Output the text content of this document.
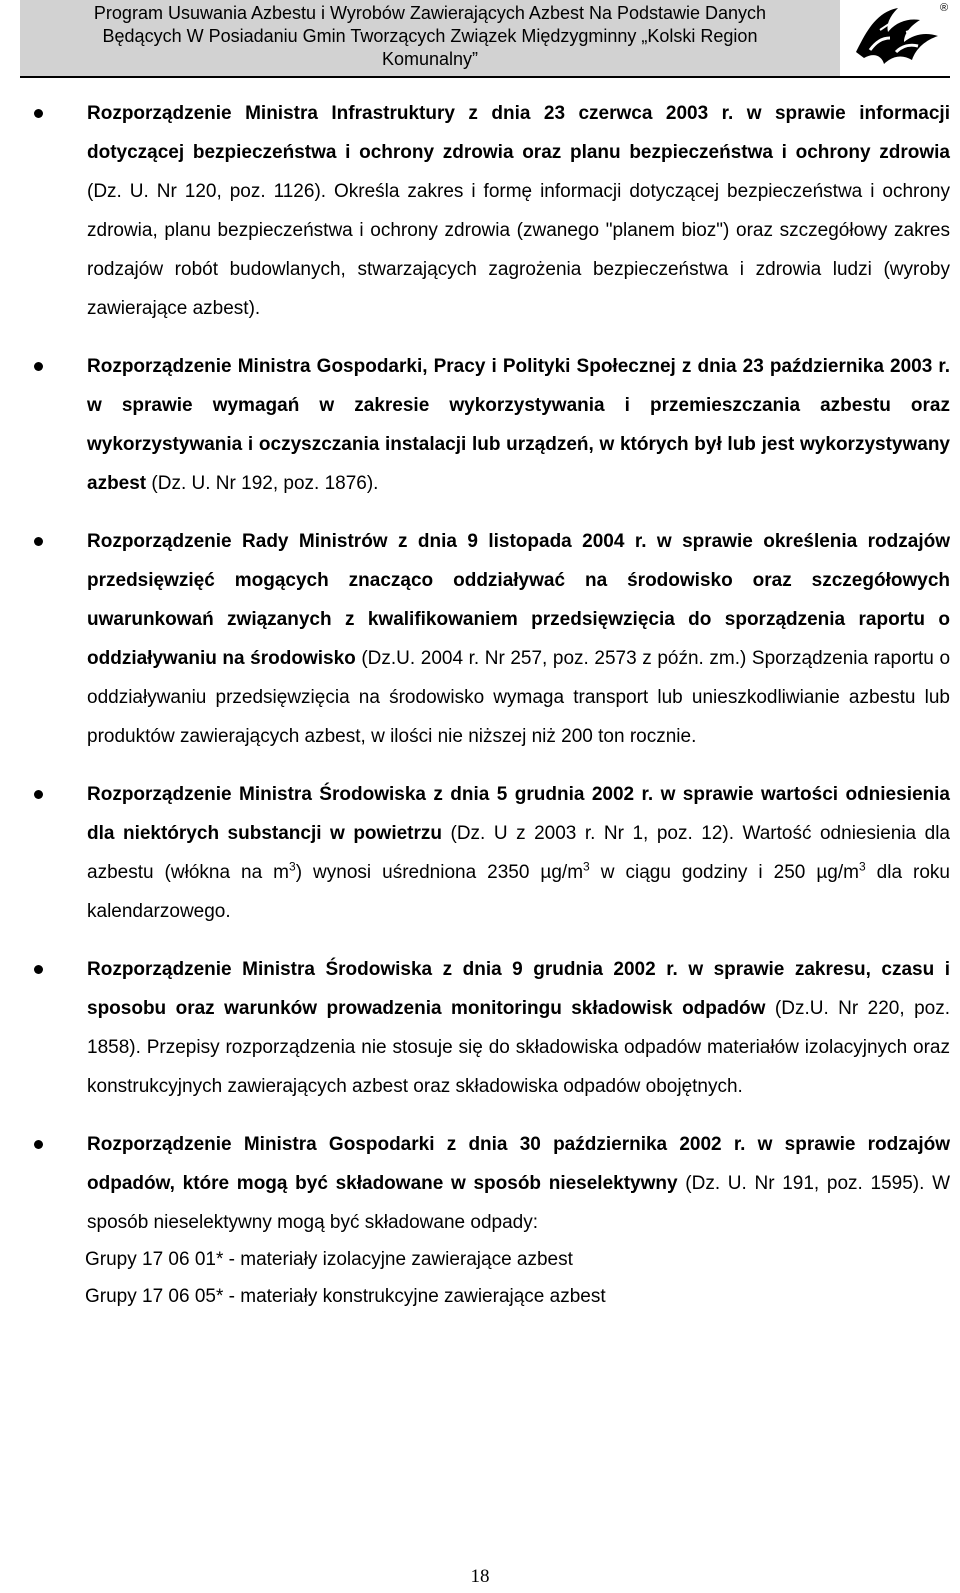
Program Usuwania Azbestu i Wyrobów Zawierających Azbest Na Podstawie Danych
Będących W Posiadaniu Gmin Tworzących Związek Międzygminny „Kolski Region
Komunalny”
®
Rozporządzenie Ministra Infrastruktury z dnia 23 czerwca 2003 r. w sprawie informacji dotyczącej bezpieczeństwa i ochrony zdrowia oraz planu bezpieczeństwa i ochrony zdrowia (Dz. U. Nr 120, poz. 1126). Określa zakres i formę informacji dotyczącej bezpieczeństwa i ochrony zdrowia, planu bezpieczeństwa i ochrony zdrowia (zwanego "planem bioz") oraz szczegółowy zakres rodzajów robót budowlanych, stwarzających zagrożenia bezpieczeństwa i zdrowia ludzi (wyroby zawierające azbest).
Rozporządzenie Ministra Gospodarki, Pracy i Polityki Społecznej z dnia 23 października 2003 r. w sprawie wymagań w zakresie wykorzystywania i przemieszczania azbestu oraz wykorzystywania i oczyszczania instalacji lub urządzeń, w których był lub jest wykorzystywany azbest (Dz. U. Nr 192, poz. 1876).
Rozporządzenie Rady Ministrów z dnia 9 listopada 2004 r. w sprawie określenia rodzajów przedsięwzięć mogących znacząco oddziaływać na środowisko oraz szczegółowych uwarunkowań związanych z kwalifikowaniem przedsięwzięcia do sporządzenia raportu o oddziaływaniu na środowisko (Dz.U. 2004 r. Nr 257, poz. 2573 z późn. zm.) Sporządzenia raportu o oddziaływaniu przedsięwzięcia na środowisko wymaga transport lub unieszkodliwianie azbestu lub produktów zawierających azbest, w ilości nie niższej niż 200 ton rocznie.
Rozporządzenie Ministra Środowiska z dnia 5 grudnia 2002 r. w sprawie wartości odniesienia dla niektórych substancji w powietrzu (Dz. U z 2003 r. Nr 1, poz. 12). Wartość odniesienia dla azbestu (włókna na $m^3$) wynosi uśredniona 2350 $\mu g/m^3$ w ciągu godziny i 250 $\mu g/m^3$ dla roku kalendarzowego.
Rozporządzenie Ministra Środowiska z dnia 9 grudnia 2002 r. w sprawie zakresu, czasu i sposobu oraz warunków prowadzenia monitoringu składowisk odpadów (Dz.U. Nr 220, poz. 1858). Przepisy rozporządzenia nie stosuje się do składowiska odpadów materiałów izolacyjnych oraz konstrukcyjnych zawierających azbest oraz składowiska odpadów obojętnych.
Rozporządzenie Ministra Gospodarki z dnia 30 października 2002 r. w sprawie rodzajów odpadów, które mogą być składowane w sposób nieselektywny (Dz. U. Nr 191, poz. 1595). W sposób nieselektywny mogą być składowane odpady:
Grupy 17 06 01* - materiały izolacyjne zawierające azbest
Grupy 17 06 05* - materiały konstrukcyjne zawierające azbest
18
